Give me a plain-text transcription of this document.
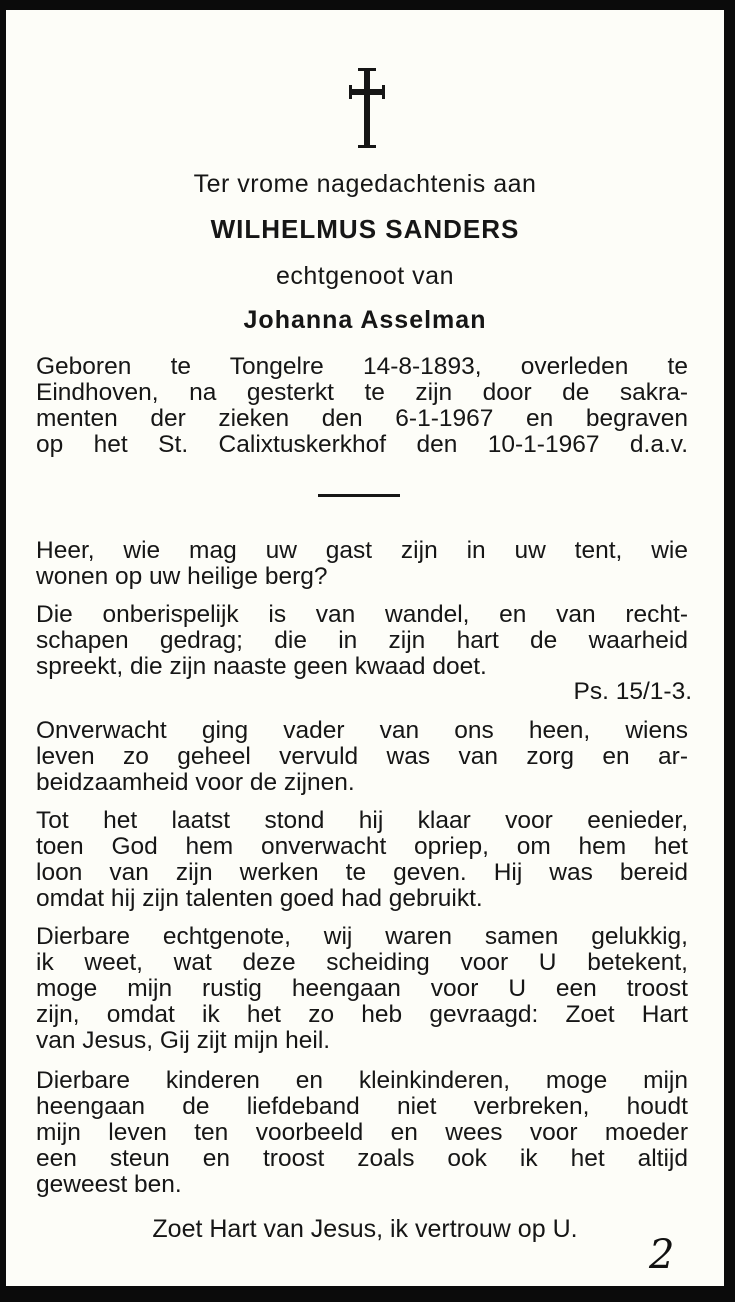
Ter vrome nagedachtenis aan
WILHELMUS SANDERS
echtgenoot van
Johanna Asselman
Geboren te Tongelre 14-8-1893, overleden te
Eindhoven, na gesterkt te zijn door de sakra-
menten der zieken den 6-1-1967 en begraven
op het St. Calixtuskerkhof den 10-1-1967 d.a.v.
Heer, wie mag uw gast zijn in uw tent, wie
wonen op uw heilige berg?
Die onberispelijk is van wandel, en van recht-
schapen gedrag; die in zijn hart de waarheid
spreekt, die zijn naaste geen kwaad doet.
Ps. 15/1-3.
Onverwacht ging vader van ons heen, wiens
leven zo geheel vervuld was van zorg en ar-
beidzaamheid voor de zijnen.
Tot het laatst stond hij klaar voor eenieder,
toen God hem onverwacht opriep, om hem het
loon van zijn werken te geven. Hij was bereid
omdat hij zijn talenten goed had gebruikt.
Dierbare echtgenote, wij waren samen gelukkig,
ik weet, wat deze scheiding voor U betekent,
moge mijn rustig heengaan voor U een troost
zijn, omdat ik het zo heb gevraagd: Zoet Hart
van Jesus, Gij zijt mijn heil.
Dierbare kinderen en kleinkinderen, moge mijn
heengaan de liefdeband niet verbreken, houdt
mijn leven ten voorbeeld en wees voor moeder
een steun en troost zoals ook ik het altijd
geweest ben.
Zoet Hart van Jesus, ik vertrouw op U.
2
